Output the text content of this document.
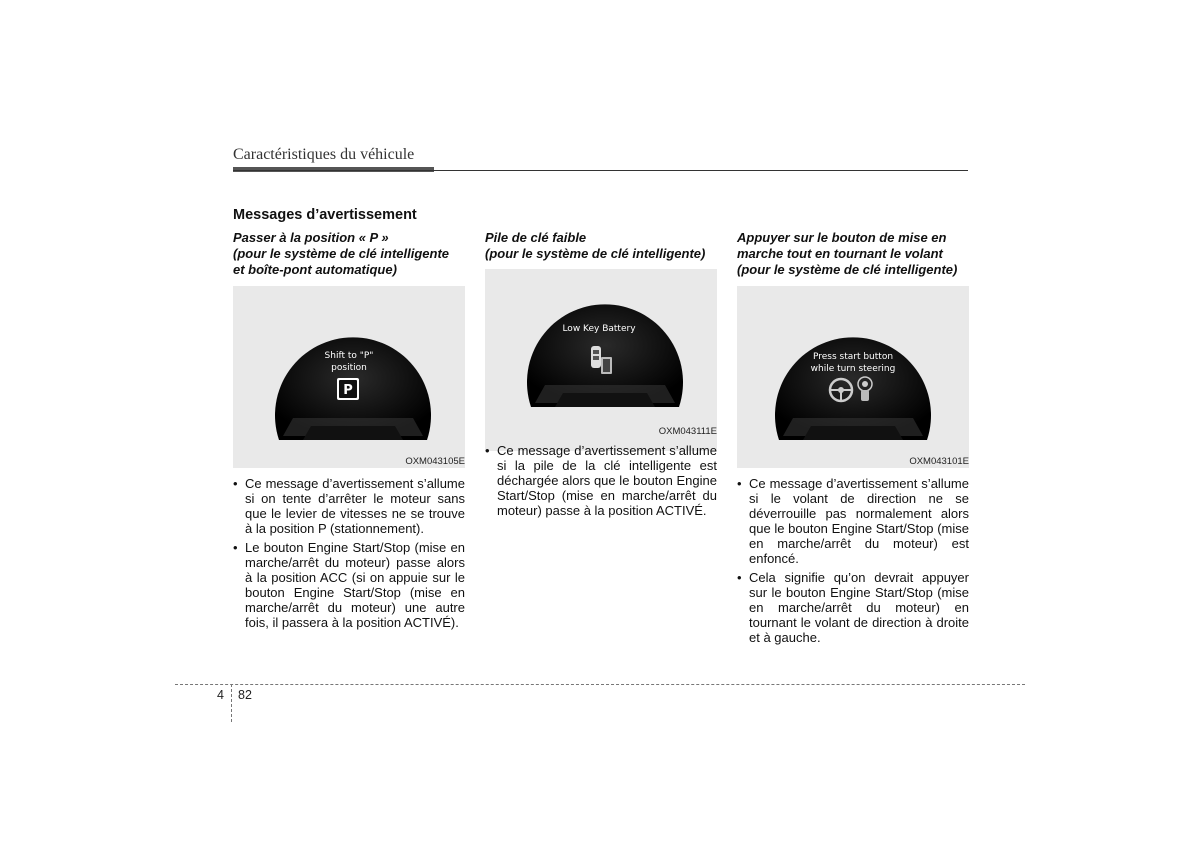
Caractéristiques du véhicule
Messages d’avertissement
Passer à la position « P »
(pour le système de clé intelligente
et boîte-pont automatique)
Shift to "P"
position
P
OXM043105E
• Ce message d’avertissement s’allume si on tente d’arrêter le moteur sans que le levier de vitesses ne se trouve à la position P (stationnement).
• Le bouton Engine Start/Stop (mise en marche/arrêt du moteur) passe alors à la position ACC (si on appuie sur le bouton Engine Start/Stop (mise en marche/arrêt du moteur) une autre fois, il passera à la position ACTIVÉ).
Pile de clé faible
(pour le système de clé intelligente)
Low Key Battery
OXM043111E
• Ce message d’avertissement s’allume si la pile de la clé intelligente est déchargée alors que le bouton Engine Start/Stop (mise en marche/arrêt du moteur) passe à la position ACTIVÉ.
Appuyer sur le bouton de mise en
marche tout en tournant le volant
(pour le système de clé intelligente)
Press start button
while turn steering
OXM043101E
• Ce message d’avertissement s’allume si le volant de direction ne se déverrouille pas normalement alors que le bouton Engine Start/Stop (mise en marche/arrêt du moteur) est enfoncé.
• Cela signifie qu’on devrait appuyer sur le bouton Engine Start/Stop (mise en marche/arrêt du moteur) en tournant le volant de direction à droite et à gauche.
4 82
